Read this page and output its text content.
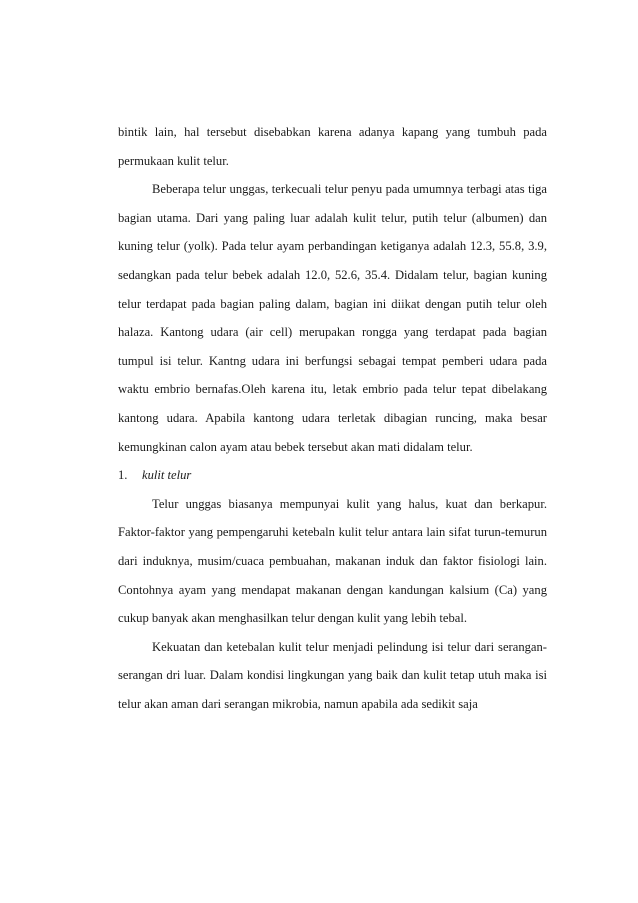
bintik lain, hal tersebut disebabkan karena adanya kapang yang tumbuh pada permukaan kulit telur.

Beberapa telur unggas, terkecuali telur penyu pada umumnya terbagi atas tiga bagian utama. Dari yang paling luar adalah kulit telur, putih telur (albumen) dan kuning telur (yolk). Pada telur ayam perbandingan ketiganya adalah 12.3, 55.8, 3.9, sedangkan pada telur bebek adalah 12.0, 52.6, 35.4. Didalam telur, bagian kuning telur terdapat pada bagian paling dalam, bagian ini diikat dengan putih telur oleh halaza. Kantong udara (air cell) merupakan rongga yang terdapat pada bagian tumpul isi telur. Kantng udara ini berfungsi sebagai tempat pemberi udara pada waktu embrio bernafas.Oleh karena itu, letak embrio pada telur tepat dibelakang kantong udara. Apabila kantong udara terletak dibagian runcing, maka besar kemungkinan calon ayam atau bebek tersebut akan mati didalam telur.

1.	kulit telur

Telur unggas biasanya mempunyai kulit yang halus, kuat dan berkapur. Faktor-faktor yang pempengaruhi ketebaln kulit telur antara lain sifat turun-temurun dari induknya, musim/cuaca pembuahan, makanan induk dan faktor fisiologi lain. Contohnya ayam yang mendapat makanan dengan kandungan kalsium (Ca) yang cukup banyak akan menghasilkan telur dengan kulit yang lebih tebal.

Kekuatan dan ketebalan kulit telur menjadi pelindung isi telur dari serangan-serangan dri luar. Dalam kondisi lingkungan yang baik dan kulit tetap utuh maka isi telur akan aman dari serangan mikrobia, namun apabila ada sedikit saja
